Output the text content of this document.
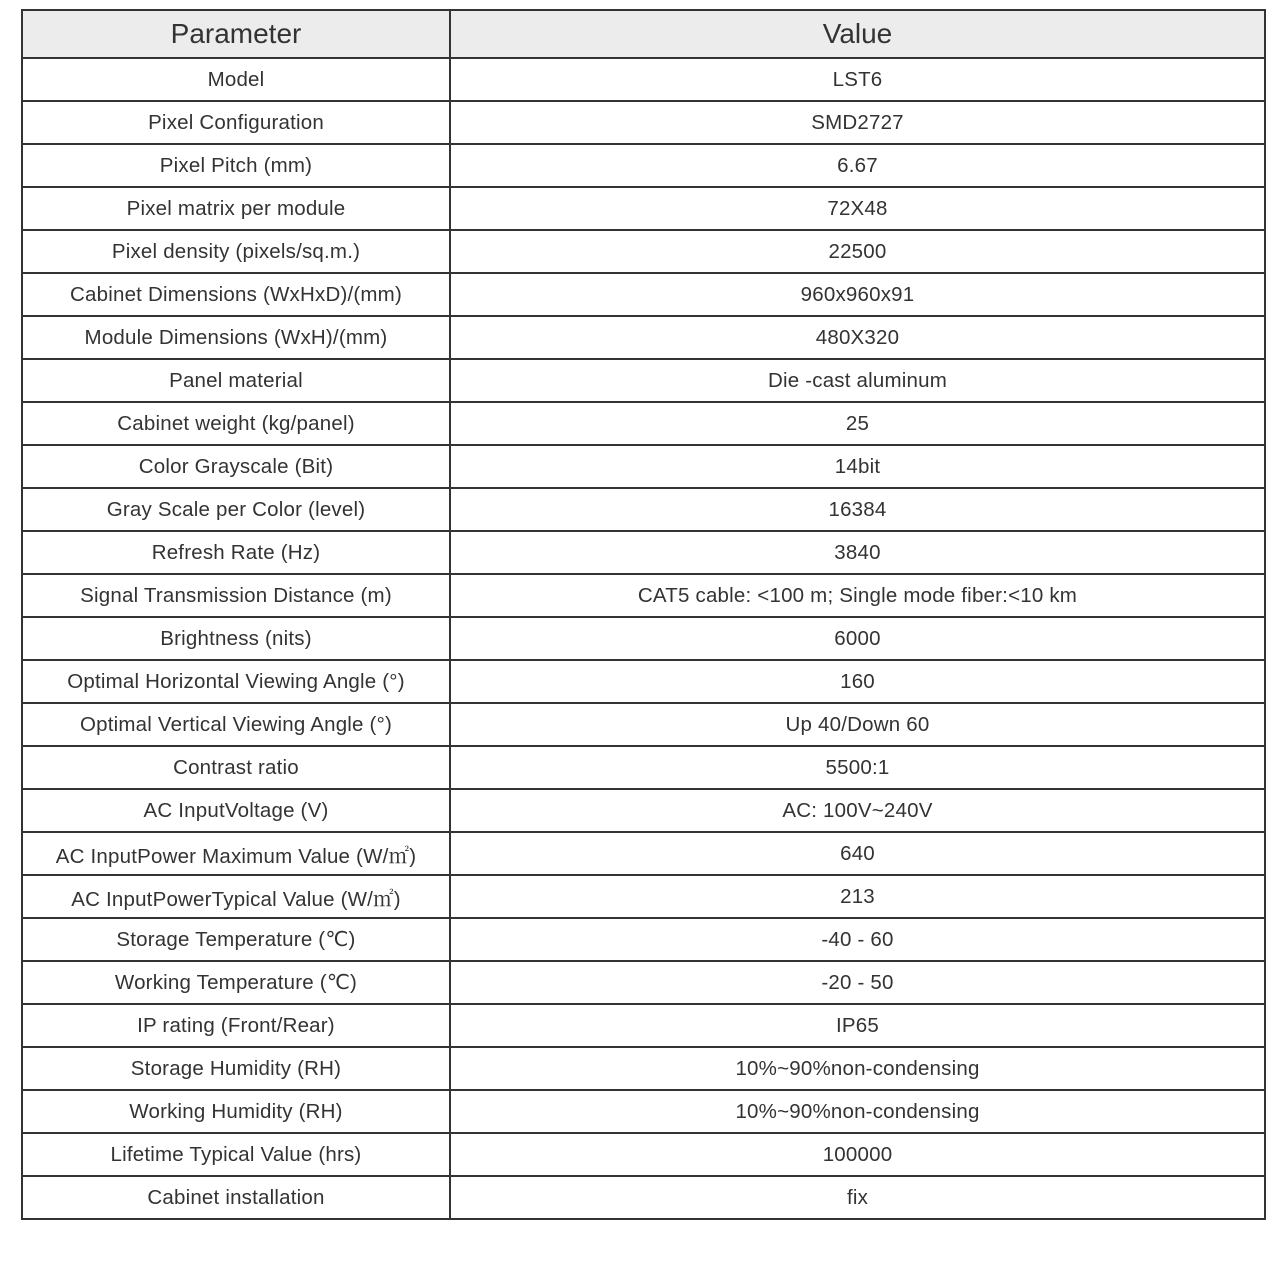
Parameter	Value
Model	LST6
Pixel Configuration	SMD2727
Pixel Pitch (mm)	6.67
Pixel matrix per module	72X48
Pixel density (pixels/sq.m.)	22500
Cabinet Dimensions (WxHxD)/(mm)	960x960x91
Module Dimensions (WxH)/(mm)	480X320
Panel material	Die -cast aluminum
Cabinet weight (kg/panel)	25
Color Grayscale (Bit)	14bit
Gray Scale per Color (level)	16384
Refresh Rate (Hz)	3840
Signal Transmission Distance (m)	CAT5 cable: <100 m; Single mode fiber:<10 km
Brightness (nits)	6000
Optimal Horizontal Viewing Angle (°)	160
Optimal Vertical Viewing Angle (°)	Up 40/Down 60
Contrast ratio	5500:1
AC InputVoltage (V)	AC: 100V~240V
AC InputPower Maximum Value (W/㎡)	640
AC InputPowerTypical Value (W/㎡)	213
Storage Temperature (℃)	-40 - 60
Working Temperature (℃)	-20 - 50
IP rating (Front/Rear)	IP65
Storage Humidity (RH)	10%~90%non-condensing
Working Humidity (RH)	10%~90%non-condensing
Lifetime Typical Value (hrs)	100000
Cabinet installation	fix
